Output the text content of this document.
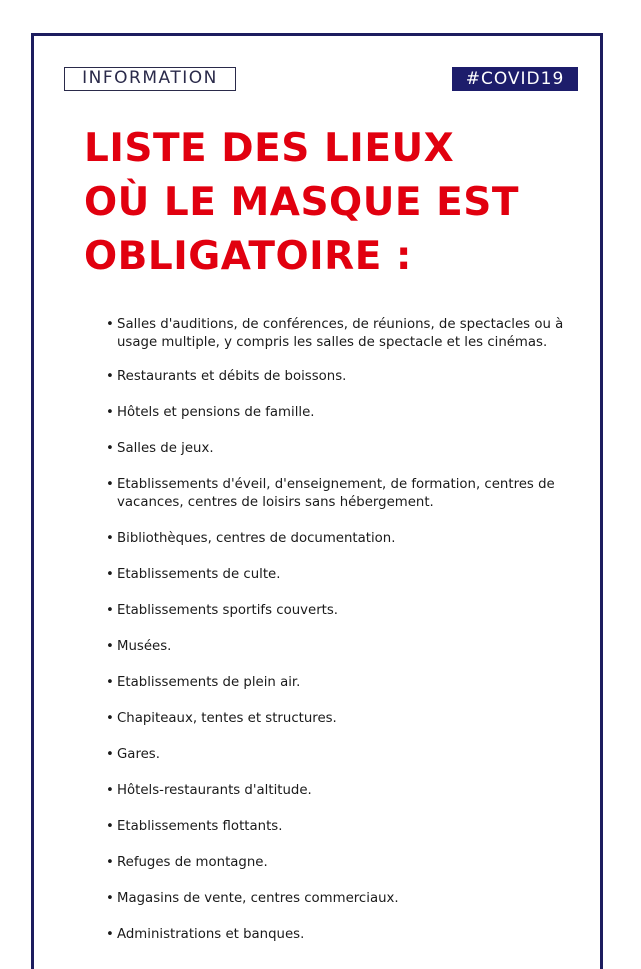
INFORMATION	#COVID19
LISTE DES LIEUX
OÙ LE MASQUE EST
OBLIGATOIRE :
• Salles d'auditions, de conférences, de réunions, de spectacles ou à usage multiple, y compris les salles de spectacle et les cinémas.
• Restaurants et débits de boissons.
• Hôtels et pensions de famille.
• Salles de jeux.
• Etablissements d'éveil, d'enseignement, de formation, centres de vacances, centres de loisirs sans hébergement.
• Bibliothèques, centres de documentation.
• Etablissements de culte.
• Etablissements sportifs couverts.
• Musées.
• Etablissements de plein air.
• Chapiteaux, tentes et structures.
• Gares.
• Hôtels-restaurants d'altitude.
• Etablissements flottants.
• Refuges de montagne.
• Magasins de vente, centres commerciaux.
• Administrations et banques.
